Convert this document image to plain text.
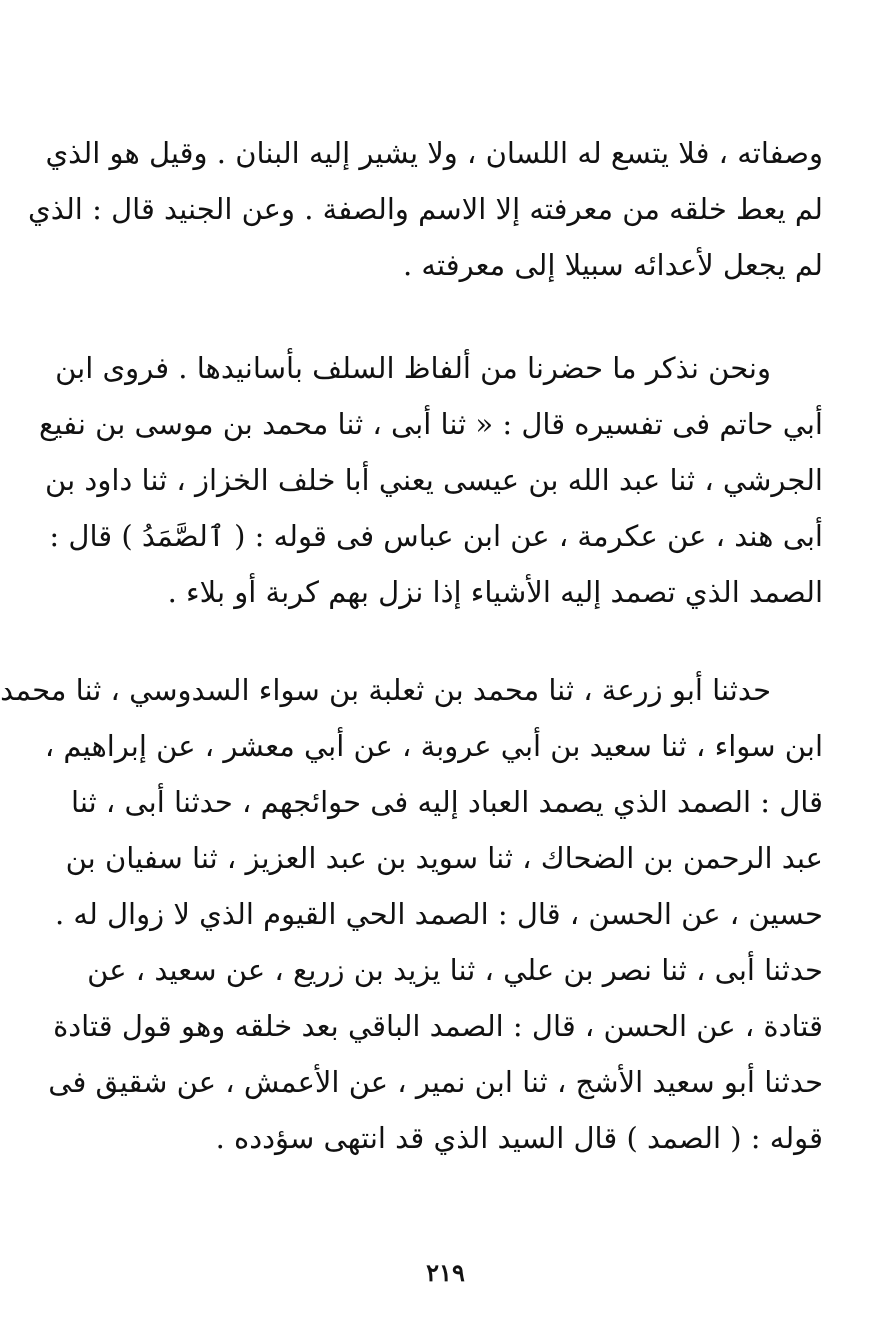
وصفاته ، فلا يتسع له اللسان ، ولا يشير إليه البنان . وقيل هو الذي
لم يعط خلقه من معرفته إلا الاسم والصفة . وعن الجنيد قال : الذي
لم يجعل لأعدائه سبيلا إلى معرفته .
ونحن نذكر ما حضرنا من ألفاظ السلف بأسانيدها . فروى ابن
أبي حاتم فى تفسيره قال : « ثنا أبى ، ثنا محمد بن موسى بن نفيع
الجرشي ، ثنا عبد الله بن عيسى يعني أبا خلف الخزاز ، ثنا داود بن
أبى هند ، عن عكرمة ، عن ابن عباس فى قوله : ( ٱلصَّمَدُ ) قال :
الصمد الذي تصمد إليه الأشياء إذا نزل بهم كربة أو بلاء .
حدثنا أبو زرعة ، ثنا محمد بن ثعلبة بن سواء السدوسي ، ثنا محمد
ابن سواء ، ثنا سعيد بن أبي عروبة ، عن أبي معشر ، عن إبراهيم ،
قال : الصمد الذي يصمد العباد إليه فى حوائجهم ، حدثنا أبى ، ثنا
عبد الرحمن بن الضحاك ، ثنا سويد بن عبد العزيز ، ثنا سفيان بن
حسين ، عن الحسن ، قال : الصمد الحي القيوم الذي لا زوال له .
حدثنا أبى ، ثنا نصر بن علي ، ثنا يزيد بن زريع ، عن سعيد ، عن
قتادة ، عن الحسن ، قال : الصمد الباقي بعد خلقه وهو قول قتادة
حدثنا أبو سعيد الأشج ، ثنا ابن نمير ، عن الأعمش ، عن شقيق فى
قوله : ( الصمد ) قال السيد الذي قد انتهى سؤدده .
٢١٩
